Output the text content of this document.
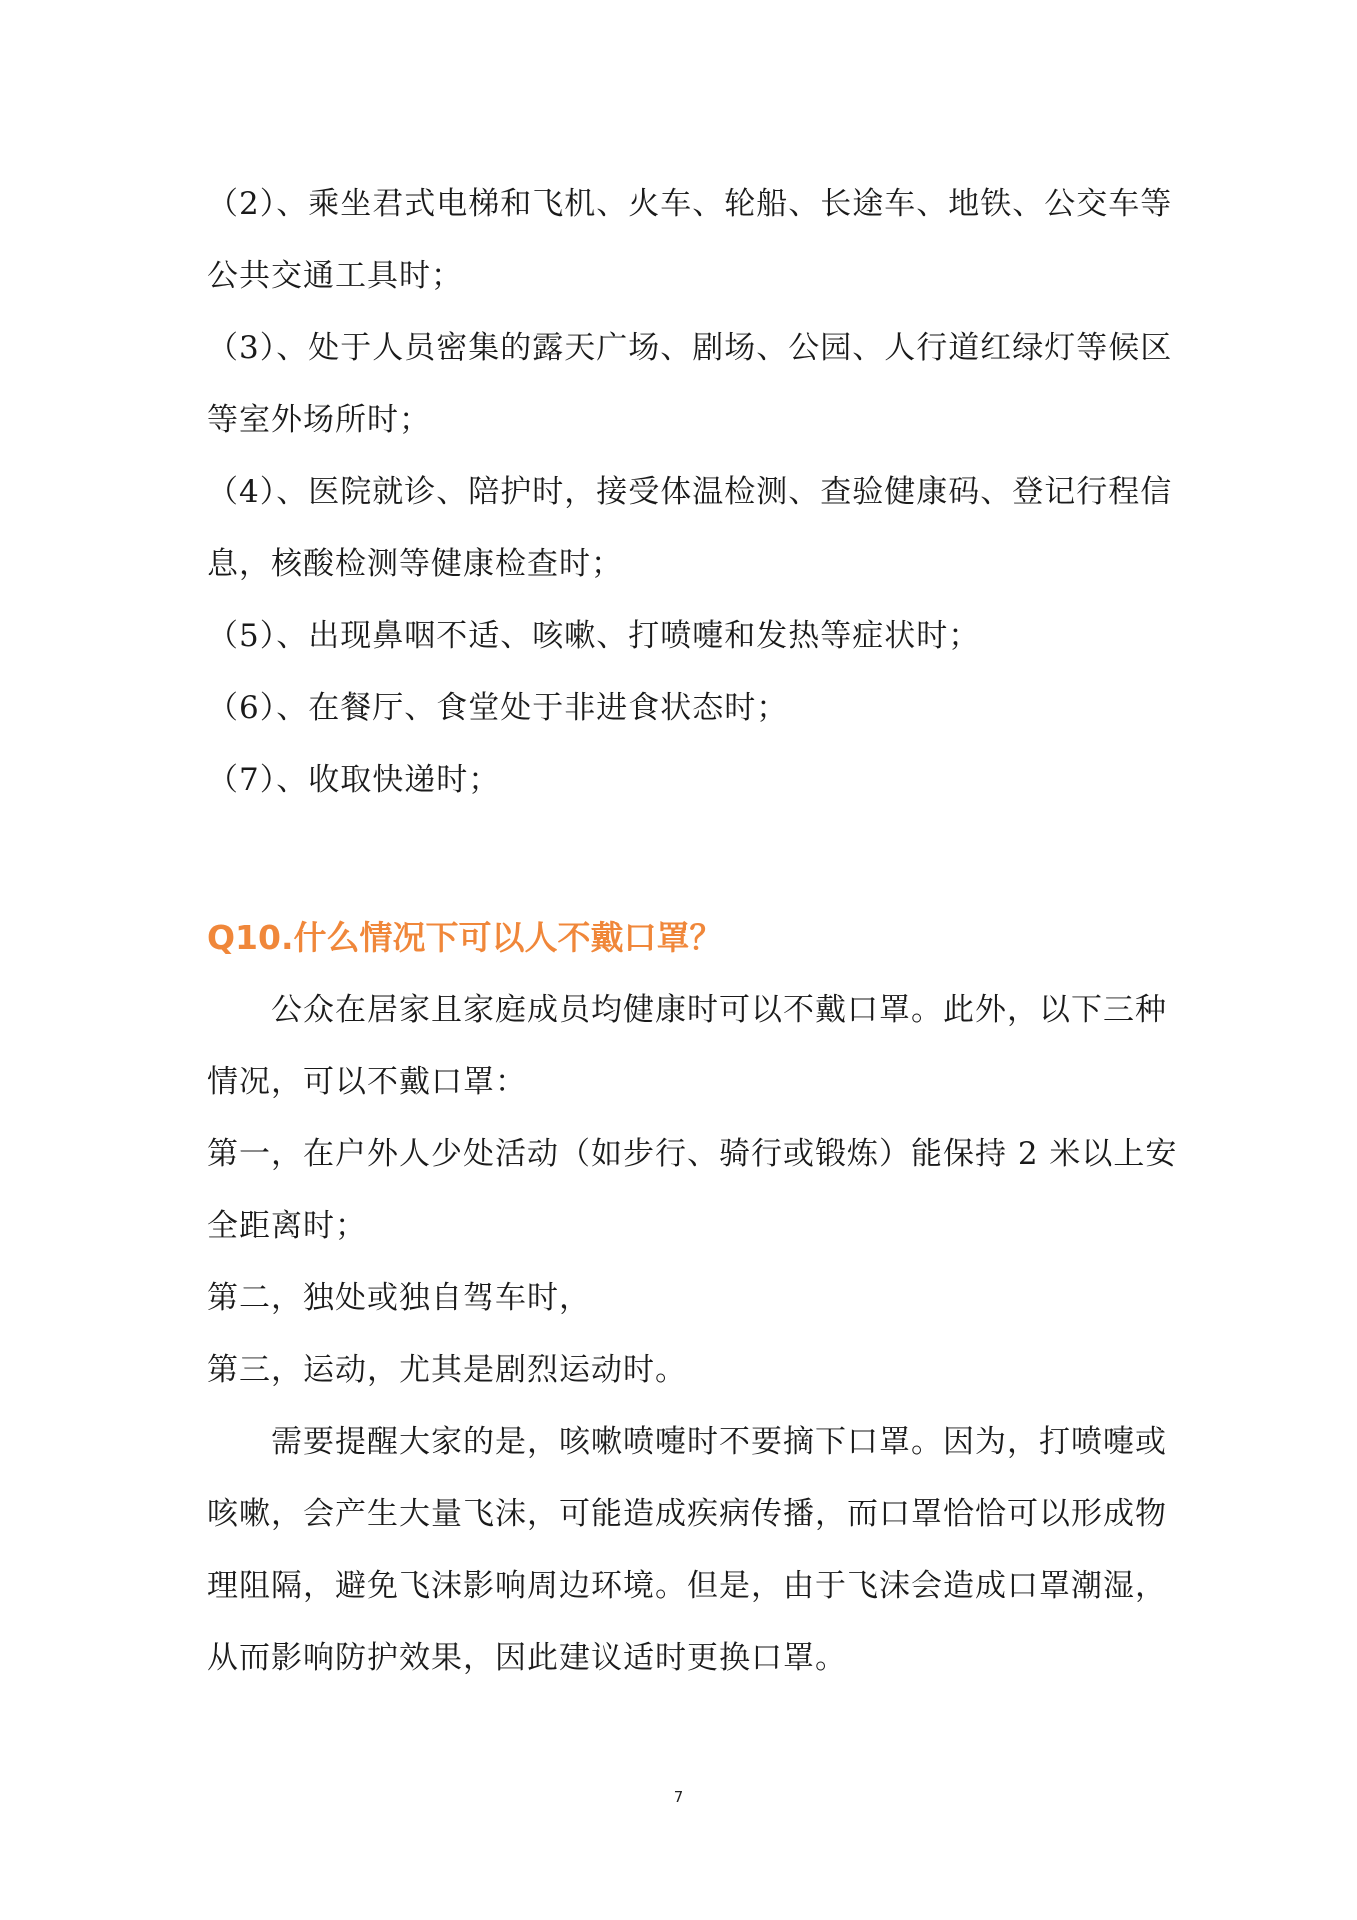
（2）、乘坐君式电梯和飞机、火车、轮船、长途车、地铁、公交车等
公共交通工具时；
（3）、处于人员密集的露天广场、剧场、公园、人行道红绿灯等候区
等室外场所时；
（4）、医院就诊、陪护时，接受体温检测、查验健康码、登记行程信
息，核酸检测等健康检查时；
（5）、出现鼻咽不适、咳嗽、打喷嚏和发热等症状时；
（6）、在餐厅、食堂处于非进食状态时；
（7）、收取快递时；
Q10.什么情况下可以人不戴口罩？
公众在居家且家庭成员均健康时可以不戴口罩。此外，以下三种
情况，可以不戴口罩：
第一，在户外人少处活动（如步行、骑行或锻炼）能保持 2 米以上安
全距离时；
第二，独处或独自驾车时，
第三，运动，尤其是剧烈运动时。
需要提醒大家的是，咳嗽喷嚏时不要摘下口罩。因为，打喷嚏或
咳嗽，会产生大量飞沫，可能造成疾病传播，而口罩恰恰可以形成物
理阻隔，避免飞沫影响周边环境。但是，由于飞沫会造成口罩潮湿，
从而影响防护效果，因此建议适时更换口罩。
7
